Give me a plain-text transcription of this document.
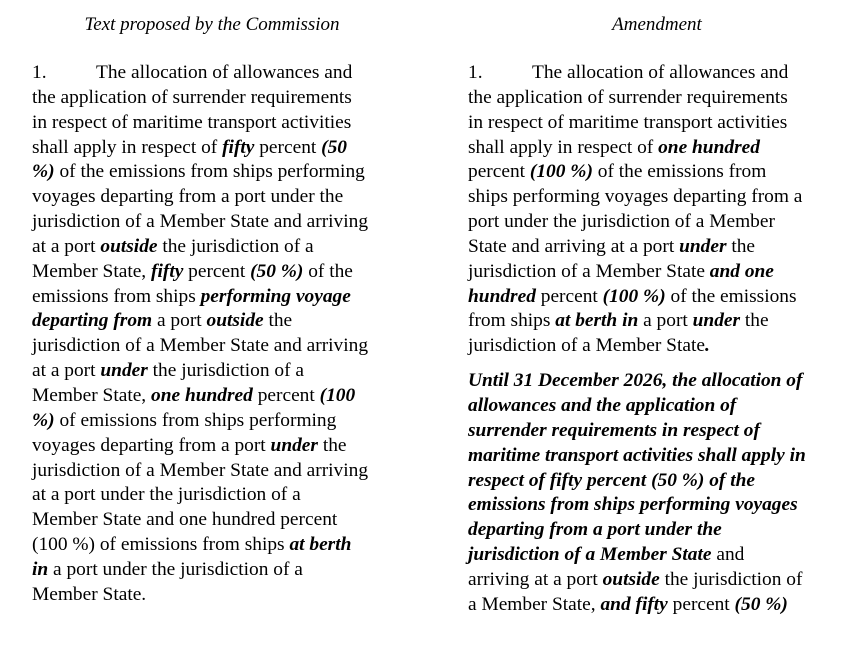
Text proposed by the Commission
1.	The allocation of allowances and
the application of surrender requirements
in respect of maritime transport activities
shall apply in respect of fifty percent (50
%) of the emissions from ships performing
voyages departing from a port under the
jurisdiction of a Member State and arriving
at a port outside the jurisdiction of a
Member State, fifty percent (50 %) of the
emissions from ships performing voyage
departing from a port outside the
jurisdiction of a Member State and arriving
at a port under the jurisdiction of a
Member State, one hundred percent (100
%) of emissions from ships performing
voyages departing from a port under the
jurisdiction of a Member State and arriving
at a port under the jurisdiction of a
Member State and one hundred percent
(100 %) of emissions from ships at berth
in a port under the jurisdiction of a
Member State.
Amendment
1.	The allocation of allowances and
the application of surrender requirements
in respect of maritime transport activities
shall apply in respect of one hundred
percent (100 %) of the emissions from
ships performing voyages departing from a
port under the jurisdiction of a Member
State and arriving at a port under the
jurisdiction of a Member State and one
hundred percent (100 %) of the emissions
from ships at berth in a port under the
jurisdiction of a Member State.
Until 31 December 2026, the allocation of
allowances and the application of
surrender requirements in respect of
maritime transport activities shall apply in
respect of fifty percent (50 %) of the
emissions from ships performing voyages
departing from a port under the
jurisdiction of a Member State and
arriving at a port outside the jurisdiction of
a Member State, and fifty percent (50 %)
